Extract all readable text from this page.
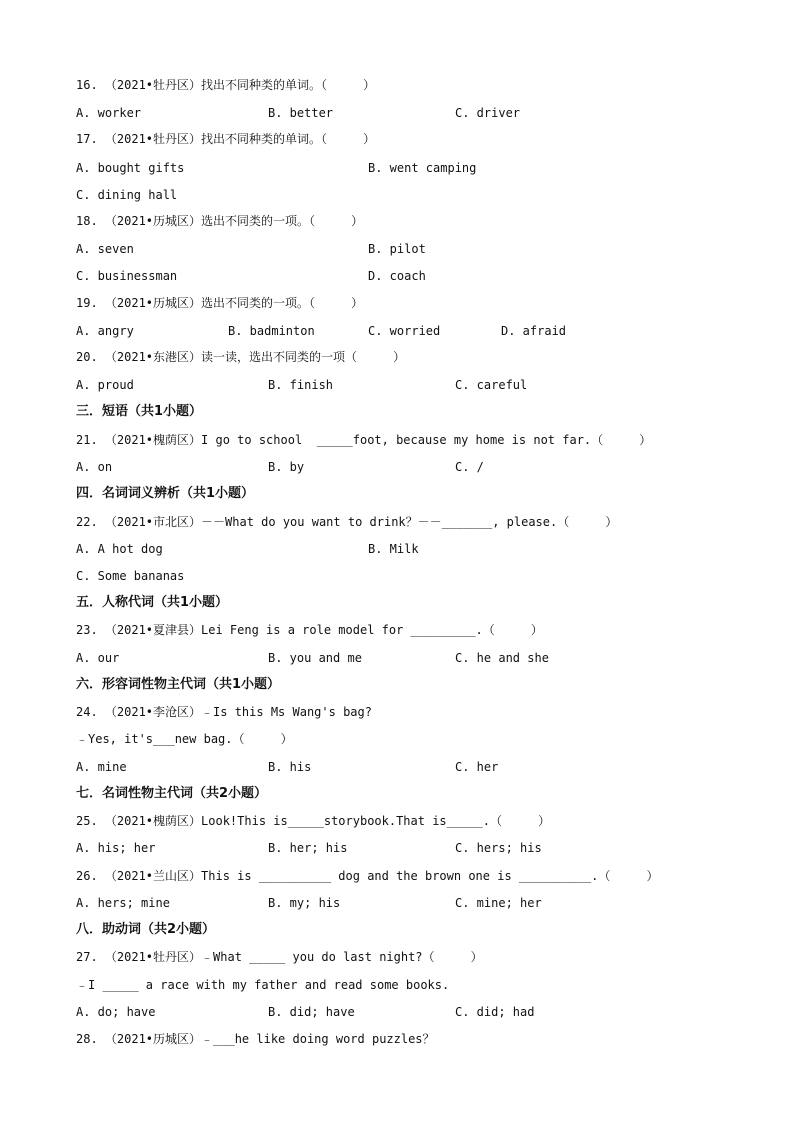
16. （2021•牡丹区）找出不同种类的单词。（     ）
A. worker	B. better	C. driver
17. （2021•牡丹区）找出不同种类的单词。（     ）
A. bought gifts	B. went camping
C. dining hall
18. （2021•历城区）选出不同类的一项。（     ）
A. seven	B. pilot
C. businessman	D. coach
19. （2021•历城区）选出不同类的一项。（     ）
A. angry	B. badminton	C. worried	D. afraid
20. （2021•东港区）读一读，选出不同类的一项（     ）
A. proud	B. finish	C. careful
三．短语（共1小题）
21. （2021•槐荫区）I go to school  _____foot, because my home is not far.（     ）
A. on	B. by	C. /
四．名词词义辨析（共1小题）
22. （2021•市北区）－－What do you want to drink？－－_______, please.（     ）
A. A hot dog	B. Milk
C. Some bananas
五．人称代词（共1小题）
23. （2021•夏津县）Lei Feng is a role model for _________.（     ）
A. our	B. you and me	C. he and she
六．形容词性物主代词（共1小题）
24. （2021•李沧区）﹣Is this Ms Wang's bag?
﹣Yes, it's___new bag.（     ）
A. mine	B. his	C. her
七．名词性物主代词（共2小题）
25. （2021•槐荫区）Look!This is_____storybook.That is_____.（     ）
A. his; her	B. her; his	C. hers; his
26. （2021•兰山区）This is __________ dog and the brown one is __________.（     ）
A. hers; mine	B. my; his	C. mine; her
八．助动词（共2小题）
27. （2021•牡丹区）﹣What _____ you do last night?（     ）
﹣I _____ a race with my father and read some books.
A. do; have	B. did; have	C. did; had
28. （2021•历城区）﹣___he like doing word puzzles？
